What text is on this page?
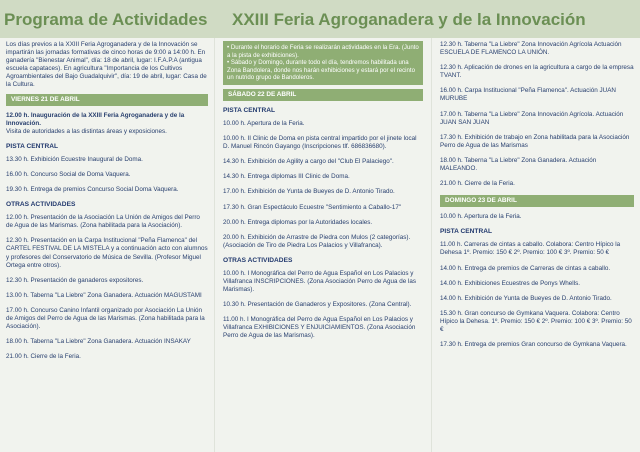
Programa de Actividades XXIII Feria Agroganadera y de la Innovación

Los días previos a la XXIII Feria Agroganadera y de la Innovación se impartirán las jornadas formativas de cinco horas de 9:00 a 14:00 h. En ganadería "Bienestar Animal", día: 18 de abril, lugar: I.F.A.P.A (antigua escuela capataces). En agricultura "Importancia de los Cultivos Agroambientales del Bajo Guadalquivir", día: 19 de abril, lugar: Casa de la Cultura.

VIERNES 21 DE ABRIL

12.00 h. Inauguración de la XXIII Feria Agroganadera y de la Innovación.

Visita de autoridades a las distintas áreas y exposiciones.

PISTA CENTRAL

13.30 h. Exhibición Ecuestre Inaugural de Doma.

16.00 h. Concurso Social de Doma Vaquera.

19.30 h. Entrega de premios Concurso Social Doma Vaquera.

OTRAS ACTIVIDADES

12.00 h. Presentación de la Asociación La Unión de Amigos del Perro de Agua de las Marismas. (Zona habilitada para la Asociación).

12.30 h. Presentación en la Carpa Institucional "Peña Flamenca" del CARTEL FESTIVAL DE LA MISTELA y a continuación acto con alumnos y profesores del Conservatorio de Música de Sevilla. (Profesor Miguel Ortega entre otros).

12.30 h. Presentación de ganaderos expositores.

13.00 h. Taberna "La Liebre" Zona Ganadera. Actuación MAGUSTAMI

17.00 h. Concurso Canino Infantil organizado por Asociación La Unión de Amigos del Perro de Agua de las Marismas. (Zona habilitada para la Asociación).

18.00 h. Taberna "La Liebre" Zona Ganadera. Actuación INSAKAY

21.00 h. Cierre de la Feria.

• Durante el horario de Feria se realizarán actividades en la Era. (Junto a la pista de exhibiciones).
• Sábado y Domingo, durante todo el día, tendremos habilitada una Zona Bandolera, donde nos harán exhibiciones y estará por el recinto un nutrido grupo de Bandoleros.
SÁBADO 22 DE ABRIL
PISTA CENTRAL

10.00 h. Apertura de la Feria.

10.00 h. II Clinic de Doma en pista central impartido por el jinete local D. Manuel Rincón Gayango (Inscripciones tlf. 686836680).

14.30 h. Exhibición de Agility a cargo del "Club El Palaciego".

14.30 h. Entrega diplomas III Clinic de Doma.

17.00 h. Exhibición de Yunta de Bueyes de D. Antonio Tirado.

17.30 h. Gran Espectáculo Ecuestre "Sentimiento a Caballo-17"

20.00 h. Entrega diplomas por la Autoridades locales.

20.00 h. Exhibición de Arrastre de Piedra con Mulos (2 categorías). (Asociación de Tiro de Piedra Los Palacios y Villafranca).

OTRAS ACTIVIDADES

10.00 h. I Monográfica del Perro de Agua Español en Los Palacios y Villafranca INSCRIPCIONES. (Zona Asociación Perro de Agua de las Marismas).

10.30 h. Presentación de Ganaderos y Expositores. (Zona Central).

11.00 h. I Monográfica del Perro de Agua Español en Los Palacios y Villafranca EXHIBICIONES Y ENJUICIAMIENTOS. (Zona Asociación Perro de Agua de las Marismas).

12.30 h. Taberna "La Liebre" Zona Innovación Agrícola Actuación ESCUELA DE FLAMENCO LA UNIÓN.

12.30 h. Aplicación de drones en la agricultura a cargo de la empresa TVANT.

16.00 h. Carpa Institucional "Peña Flamenca". Actuación JUAN MURUBE

17.00 h. Taberna "La Liebre" Zona Innovación Agrícola. Actuación JUAN SAN JUAN

17.30 h. Exhibición de trabajo en Zona habilitada para la Asociación Perro de Agua de las Marismas

18.00 h. Taberna "La Liebre" Zona Ganadera. Actuación MALEANDO.

21.00 h. Cierre de la Feria.

DOMINGO 23 DE ABRIL

10.00 h. Apertura de la Feria.

PISTA CENTRAL

11.00 h. Carreras de cintas a caballo. Colabora: Centro Hípico la Dehesa 1º. Premio: 150 € 2º. Premio: 100 € 3º. Premio: 50 €

14.00 h. Entrega de premios de Carreras de cintas a caballo.

14.00 h. Exhibiciones Ecuestres de Ponys Whells.

14.00 h. Exhibición de Yunta de Bueyes de D. Antonio Tirado.

15.30 h. Gran concurso de Gymkana Vaquera. Colabora: Centro Hípico la Dehesa. 1º. Premio: 150 € 2º. Premio: 100 € 3º. Premio: 50 €

17.30 h. Entrega de premios Gran concurso de Gymkana Vaquera.
